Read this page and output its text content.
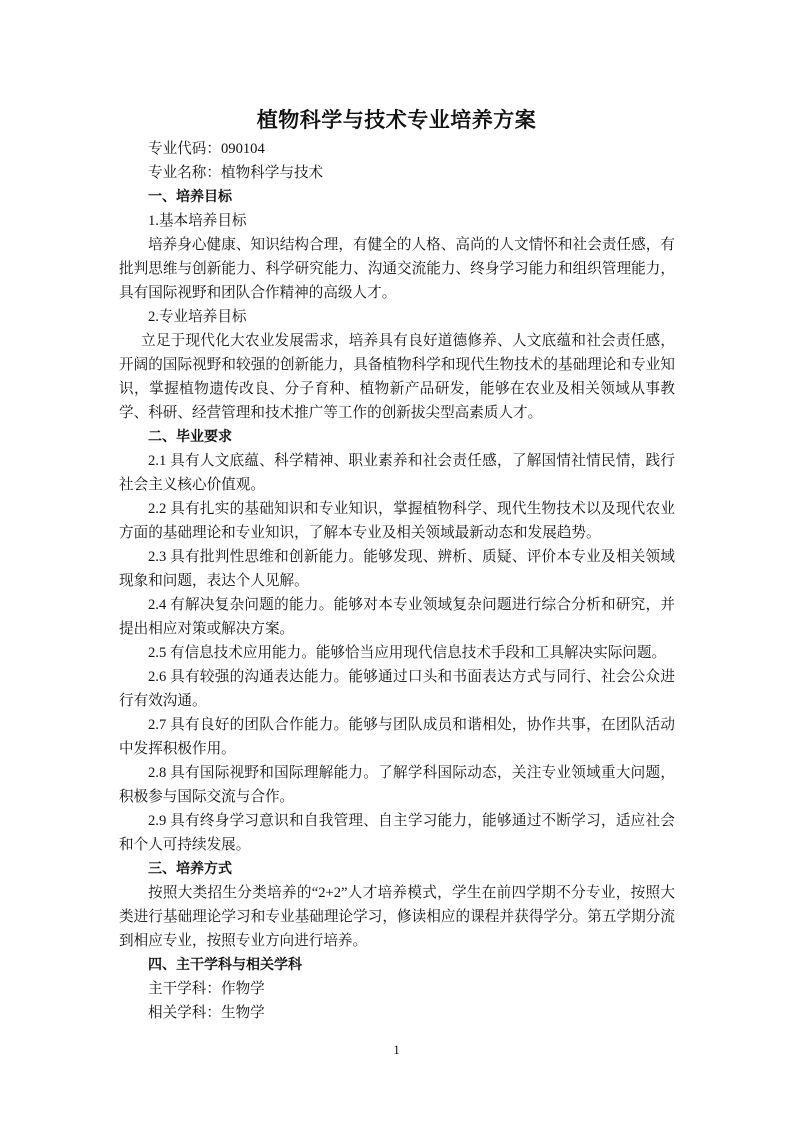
植物科学与技术专业培养方案

专业代码：090104

专业名称：植物科学与技术

一、培养目标

1.基本培养目标

培养身心健康、知识结构合理，有健全的人格、高尚的人文情怀和社会责任感，有批判思维与创新能力、科学研究能力、沟通交流能力、终身学习能力和组织管理能力，具有国际视野和团队合作精神的高级人才。

2.专业培养目标

立足于现代化大农业发展需求，培养具有良好道德修养、人文底蕴和社会责任感，开阔的国际视野和较强的创新能力，具备植物科学和现代生物技术的基础理论和专业知识，掌握植物遗传改良、分子育种、植物新产品研发，能够在农业及相关领域从事教学、科研、经营管理和技术推广等工作的创新拔尖型高素质人才。

二、毕业要求

2.1 具有人文底蕴、科学精神、职业素养和社会责任感，了解国情社情民情，践行社会主义核心价值观。

2.2 具有扎实的基础知识和专业知识，掌握植物科学、现代生物技术以及现代农业方面的基础理论和专业知识，了解本专业及相关领域最新动态和发展趋势。

2.3 具有批判性思维和创新能力。能够发现、辨析、质疑、评价本专业及相关领域现象和问题，表达个人见解。

2.4 有解决复杂问题的能力。能够对本专业领域复杂问题进行综合分析和研究，并提出相应对策或解决方案。

2.5 有信息技术应用能力。能够恰当应用现代信息技术手段和工具解决实际问题。

2.6 具有较强的沟通表达能力。能够通过口头和书面表达方式与同行、社会公众进行有效沟通。

2.7 具有良好的团队合作能力。能够与团队成员和谐相处，协作共事，在团队活动中发挥积极作用。

2.8 具有国际视野和国际理解能力。了解学科国际动态，关注专业领域重大问题，积极参与国际交流与合作。

2.9 具有终身学习意识和自我管理、自主学习能力，能够通过不断学习，适应社会和个人可持续发展。

三、培养方式

按照大类招生分类培养的“2+2”人才培养模式，学生在前四学期不分专业，按照大类进行基础理论学习和专业基础理论学习，修读相应的课程并获得学分。第五学期分流到相应专业，按照专业方向进行培养。

四、主干学科与相关学科

主干学科：作物学

相关学科：生物学

1
